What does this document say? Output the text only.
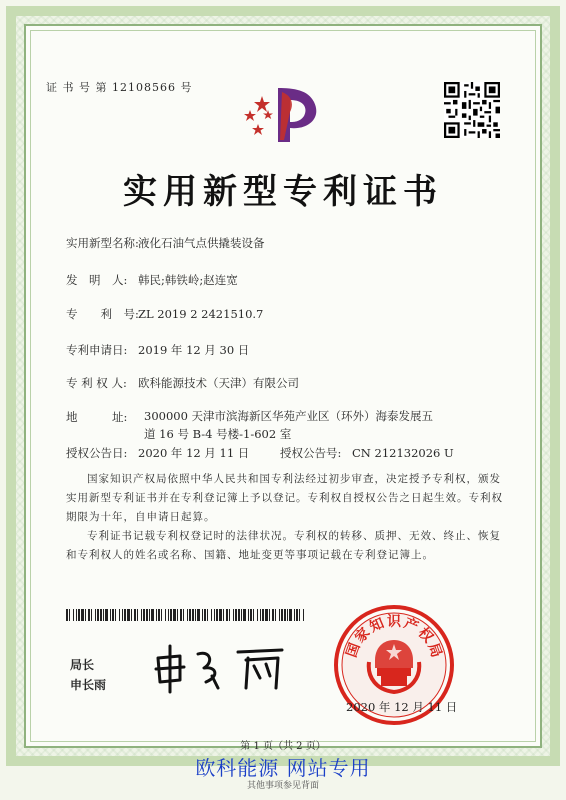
证 书 号 第 12108566 号
实用新型专利证书
实用新型名称:液化石油气点供撬装设备
发　明　人: 韩民;韩铁岭;赵连宽
专　　利　号:ZL 2019 2 2421510.7
专利申请日: 2019 年 12 月 30 日
专 利 权 人: 欧科能源技术（天津）有限公司
地　　　址:	300000 天津市滨海新区华苑产业区（环外）海泰发展五
道 16 号 B-4 号楼-1-602 室
授权公告日: 2020 年 12 月 11 日	授权公告号: CN 212132026 U
国家知识产权局依照中华人民共和国专利法经过初步审查，决定授予专利权，颁发实用新型专利证书并在专利登记簿上予以登记。专利权自授权公告之日起生效。专利权期限为十年，自申请日起算。
专利证书记载专利权登记时的法律状况。专利权的转移、质押、无效、终止、恢复和专利权人的姓名或名称、国籍、地址变更等事项记载在专利登记簿上。
局长
申长雨
国
家
知 识 产
权
局
2020 年 12 月 11 日
第 1 页（共 2 页）
其他事项参见背面
欧科能源 网站专用
